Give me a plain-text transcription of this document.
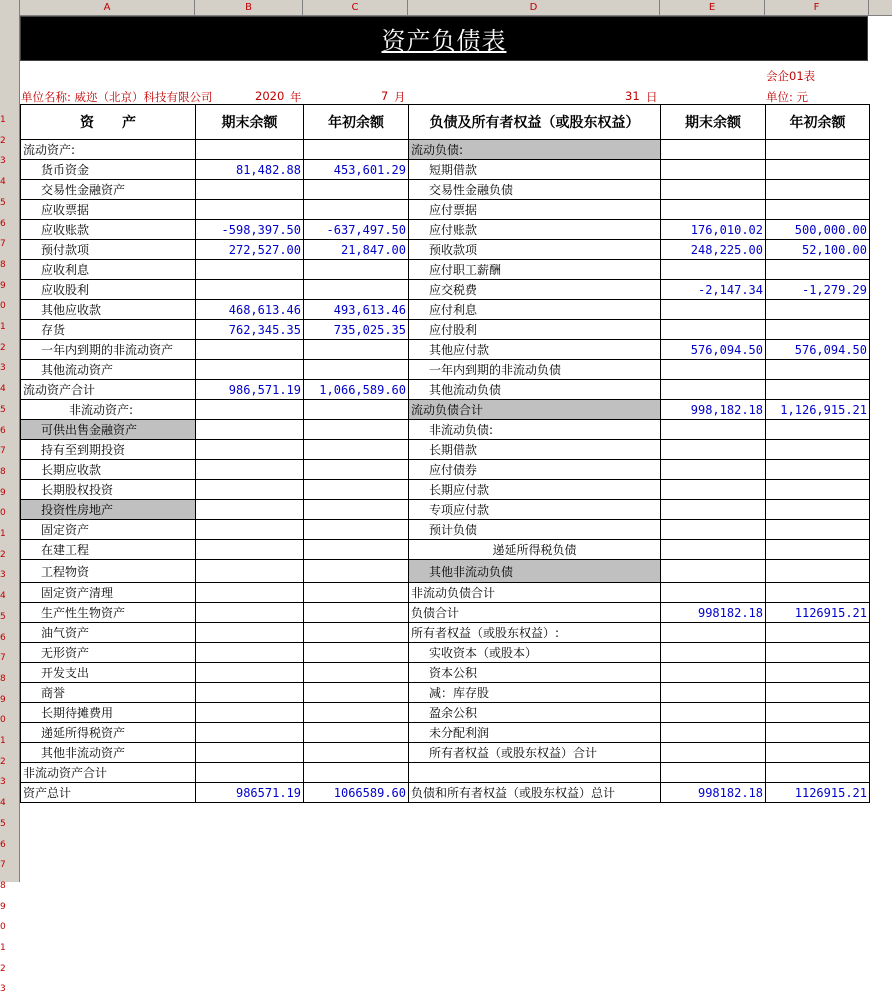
A	B	C	D	E	F
1
2
3
4
5
6
7
8
9
0
1
2
3
4
5
6
7
8
9
0
1
2
3
4
5
6
7
8
9
0
1
2
3
4
5
6
7
8
9
0
1
2
3
资产负债表
会企01表
单位名称: 威迩（北京）科技有限公司	2020 年	7 月	31 日	单位: 元
资　　产	期末余额	年初余额	负债及所有者权益（或股东权益）	期末余额	年初余额
流动资产:			流动负债:		
货币资金	81,482.88	453,601.29	短期借款		
交易性金融资产			交易性金融负债		
应收票据			应付票据		
应收账款	-598,397.50	-637,497.50	应付账款	176,010.02	500,000.00
预付款项	272,527.00	21,847.00	预收款项	248,225.00	52,100.00
应收利息			应付职工薪酬		
应收股利			应交税费	-2,147.34	-1,279.29
其他应收款	468,613.46	493,613.46	应付利息		
存货	762,345.35	735,025.35	应付股利		
一年内到期的非流动资产			其他应付款	576,094.50	576,094.50
其他流动资产			一年内到期的非流动负债		
流动资产合计	986,571.19	1,066,589.60	其他流动负债		
非流动资产:			流动负债合计	998,182.18	1,126,915.21
可供出售金融资产			非流动负债:		
持有至到期投资			长期借款		
长期应收款			应付债券		
长期股权投资			长期应付款		
投资性房地产			专项应付款		
固定资产			预计负债		
在建工程			递延所得税负债		
工程物资			其他非流动负债		
固定资产清理			非流动负债合计		
生产性生物资产			负债合计	998182.18	1126915.21
油气资产			所有者权益（或股东权益）:		
无形资产			实收资本（或股本）		
开发支出			资本公积		
商誉			减：库存股		
长期待摊费用			盈余公积		
递延所得税资产			未分配利润		
其他非流动资产			所有者权益（或股东权益）合计		
非流动资产合计					
资产总计	986571.19	1066589.60	负债和所有者权益（或股东权益）总计	998182.18	1126915.21
